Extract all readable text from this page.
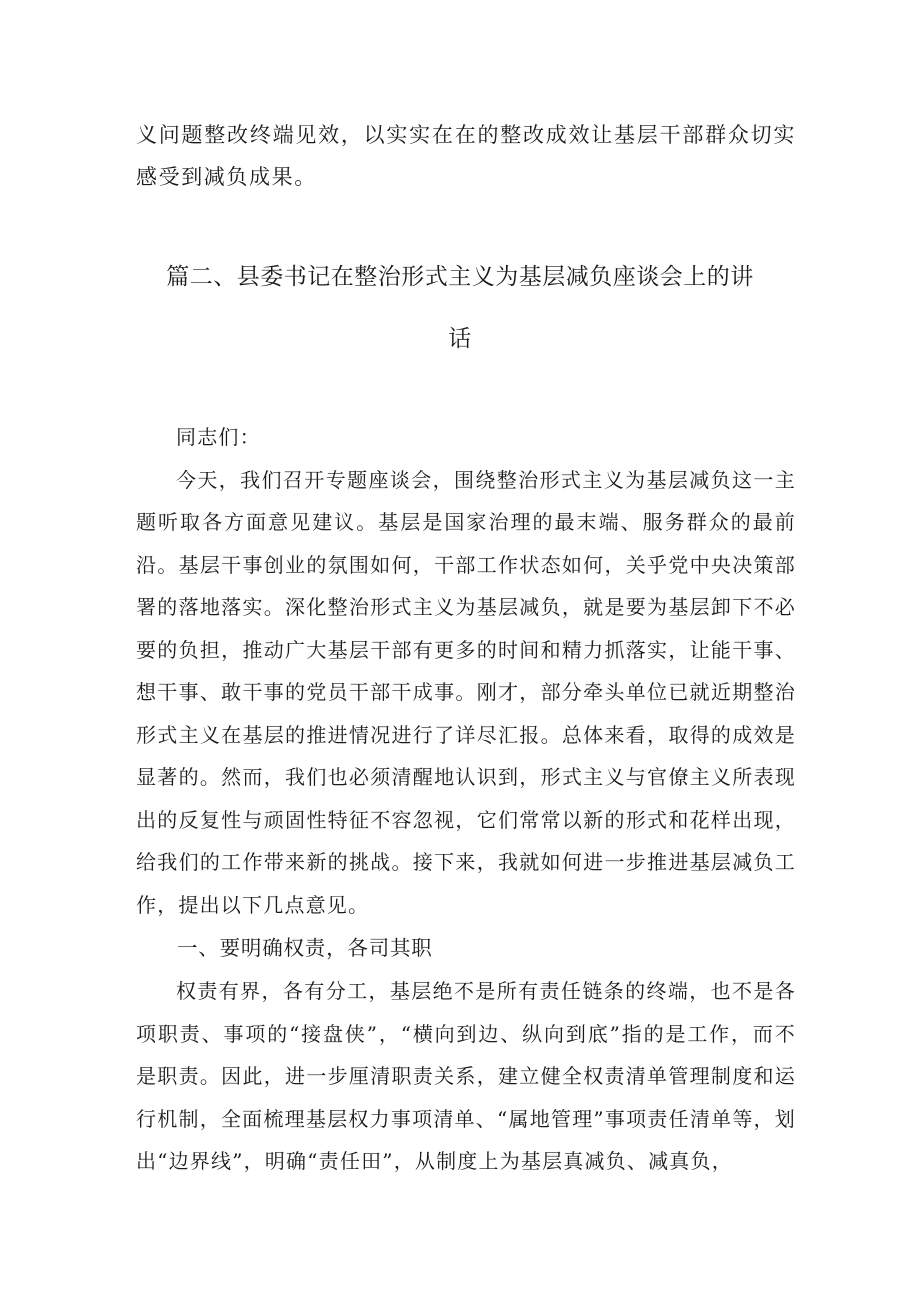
义问题整改终端见效，以实实在在的整改成效让基层干部群众切实感受到减负成果。

篇二、县委书记在整治形式主义为基层减负座谈会上的讲
话

同志们：

今天，我们召开专题座谈会，围绕整治形式主义为基层减负这一主题听取各方面意见建议。基层是国家治理的最末端、服务群众的最前沿。基层干事创业的氛围如何，干部工作状态如何，关乎党中央决策部署的落地落实。深化整治形式主义为基层减负，就是要为基层卸下不必要的负担，推动广大基层干部有更多的时间和精力抓落实，让能干事、想干事、敢干事的党员干部干成事。刚才，部分牵头单位已就近期整治形式主义在基层的推进情况进行了详尽汇报。总体来看，取得的成效是显著的。然而，我们也必须清醒地认识到，形式主义与官僚主义所表现出的反复性与顽固性特征不容忽视，它们常常以新的形式和花样出现，给我们的工作带来新的挑战。接下来，我就如何进一步推进基层减负工作，提出以下几点意见。

一、要明确权责，各司其职

权责有界，各有分工，基层绝不是所有责任链条的终端，也不是各项职责、事项的“接盘侠”，“横向到边、纵向到底”指的是工作，而不是职责。因此，进一步厘清职责关系，建立健全权责清单管理制度和运行机制，全面梳理基层权力事项清单、“属地管理”事项责任清单等，划出“边界线”，明确“责任田”，从制度上为基层真减负、减真负，
